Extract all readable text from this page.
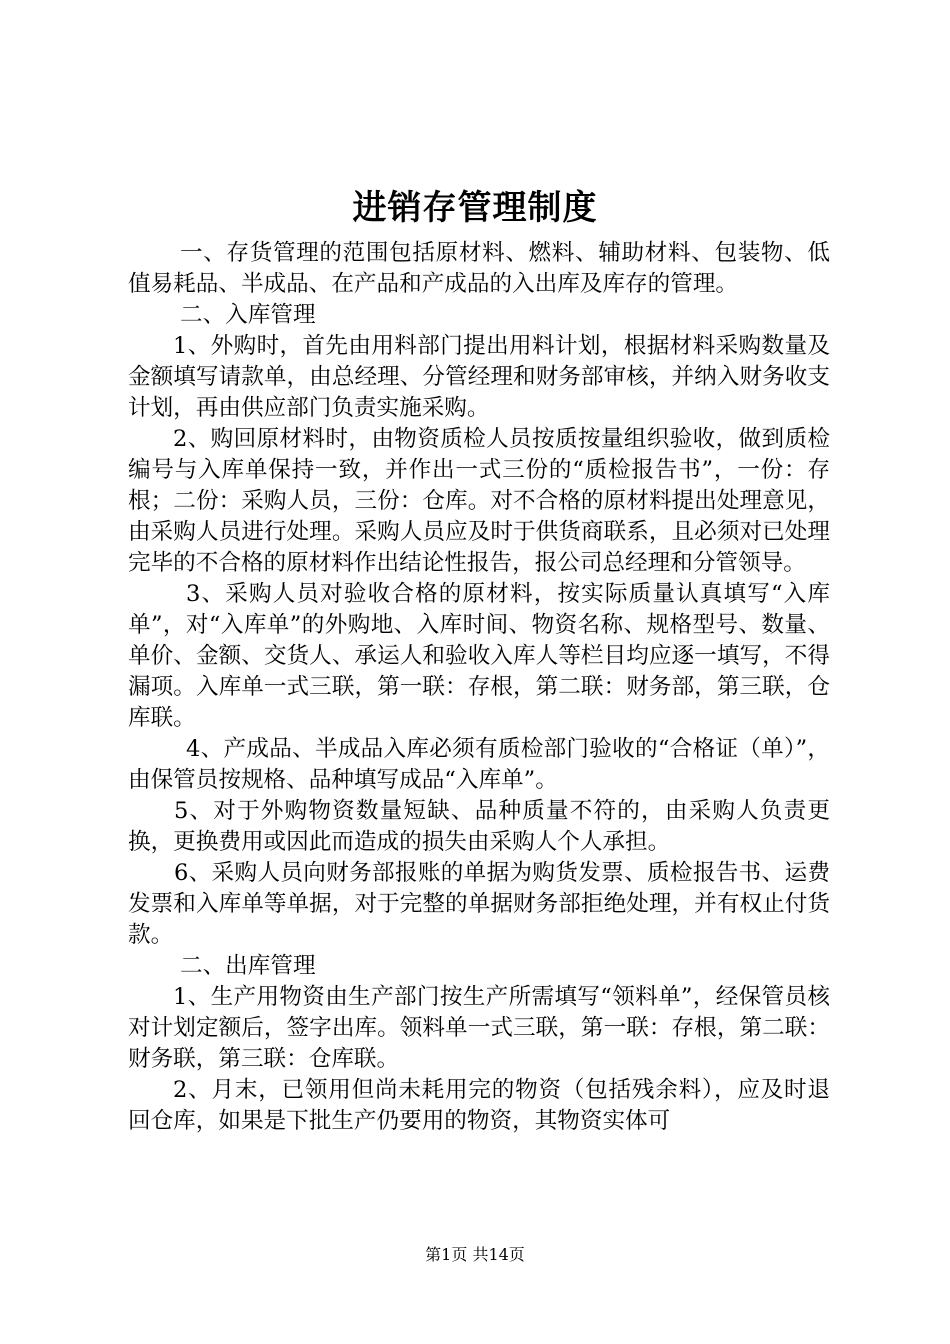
进销存管理制度

一、存货管理的范围包括原材料、燃料、辅助材料、包装物、低值易耗品、半成品、在产品和产成品的入出库及库存的管理。

二、入库管理

1、外购时，首先由用料部门提出用料计划，根据材料采购数量及金额填写请款单，由总经理、分管经理和财务部审核，并纳入财务收支计划，再由供应部门负责实施采购。

2、购回原材料时，由物资质检人员按质按量组织验收，做到质检编号与入库单保持一致，并作出一式三份的“质检报告书”，一份：存根；二份：采购人员，三份：仓库。对不合格的原材料提出处理意见，由采购人员进行处理。采购人员应及时于供货商联系，且必须对已处理完毕的不合格的原材料作出结论性报告，报公司总经理和分管领导。

3、采购人员对验收合格的原材料，按实际质量认真填写“入库单”，对“入库单”的外购地、入库时间、物资名称、规格型号、数量、单价、金额、交货人、承运人和验收入库人等栏目均应逐一填写，不得漏项。入库单一式三联，第一联：存根，第二联：财务部，第三联，仓库联。

4、产成品、半成品入库必须有质检部门验收的“合格证（单）”，由保管员按规格、品种填写成品“入库单”。

5、对于外购物资数量短缺、品种质量不符的，由采购人负责更换，更换费用或因此而造成的损失由采购人个人承担。

6、采购人员向财务部报账的单据为购货发票、质检报告书、运费发票和入库单等单据，对于完整的单据财务部拒绝处理，并有权止付货款。

二、出库管理

1、生产用物资由生产部门按生产所需填写“领料单”，经保管员核对计划定额后，签字出库。领料单一式三联，第一联：存根，第二联：财务联，第三联：仓库联。

2、月末，已领用但尚未耗用完的物资（包括残余料），应及时退回仓库，如果是下批生产仍要用的物资，其物资实体可

第1页 共14页
